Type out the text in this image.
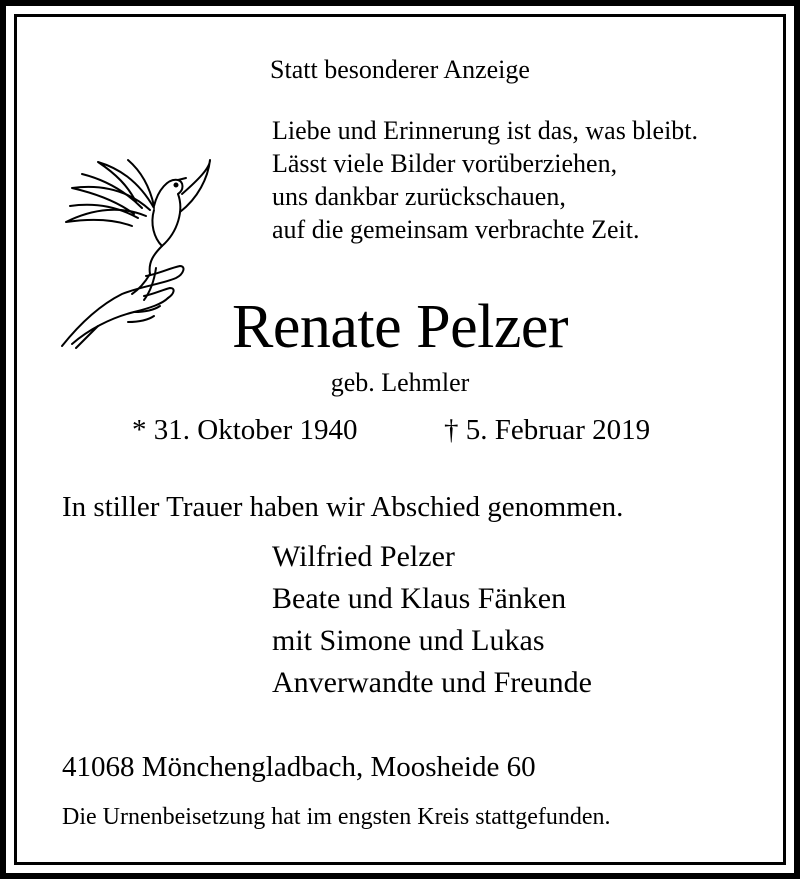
Statt besonderer Anzeige
Liebe und Erinnerung ist das, was bleibt.
Lässt viele Bilder vorüberziehen,
uns dankbar zurückschauen,
auf die gemeinsam verbrachte Zeit.
Renate Pelzer
geb. Lehmler
* 31. Oktober 1940	† 5. Februar 2019
In stiller Trauer haben wir Abschied genommen.
Wilfried Pelzer
Beate und Klaus Fänken
mit Simone und Lukas
Anverwandte und Freunde
41068 Mönchengladbach, Moosheide 60
Die Urnenbeisetzung hat im engsten Kreis stattgefunden.
